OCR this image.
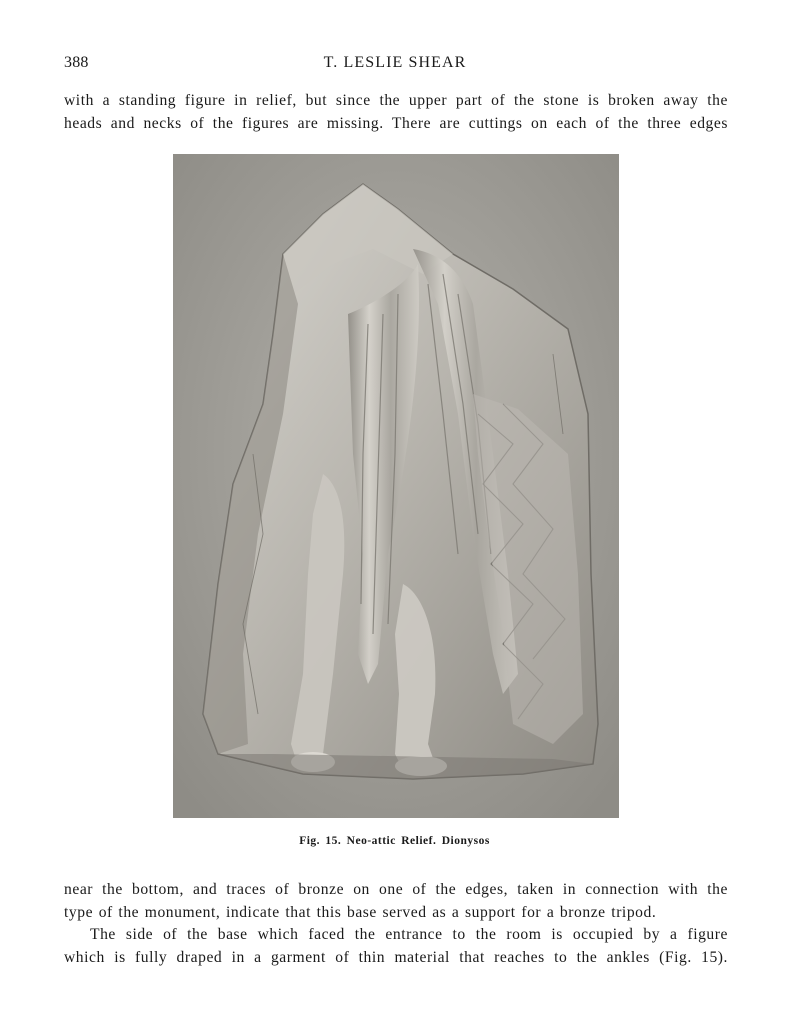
388	T. LESLIE SHEAR
with a standing figure in relief, but since the upper part of the stone is broken away the
heads and necks of the figures are missing. There are cuttings on each of the three edges
Fig. 15. Neo-attic Relief. Dionysos
near the bottom, and traces of bronze on one of the edges, taken in connection with the
type of the monument, indicate that this base served as a support for a bronze tripod.
The side of the base which faced the entrance to the room is occupied by a figure
which is fully draped in a garment of thin material that reaches to the ankles (Fig. 15).
